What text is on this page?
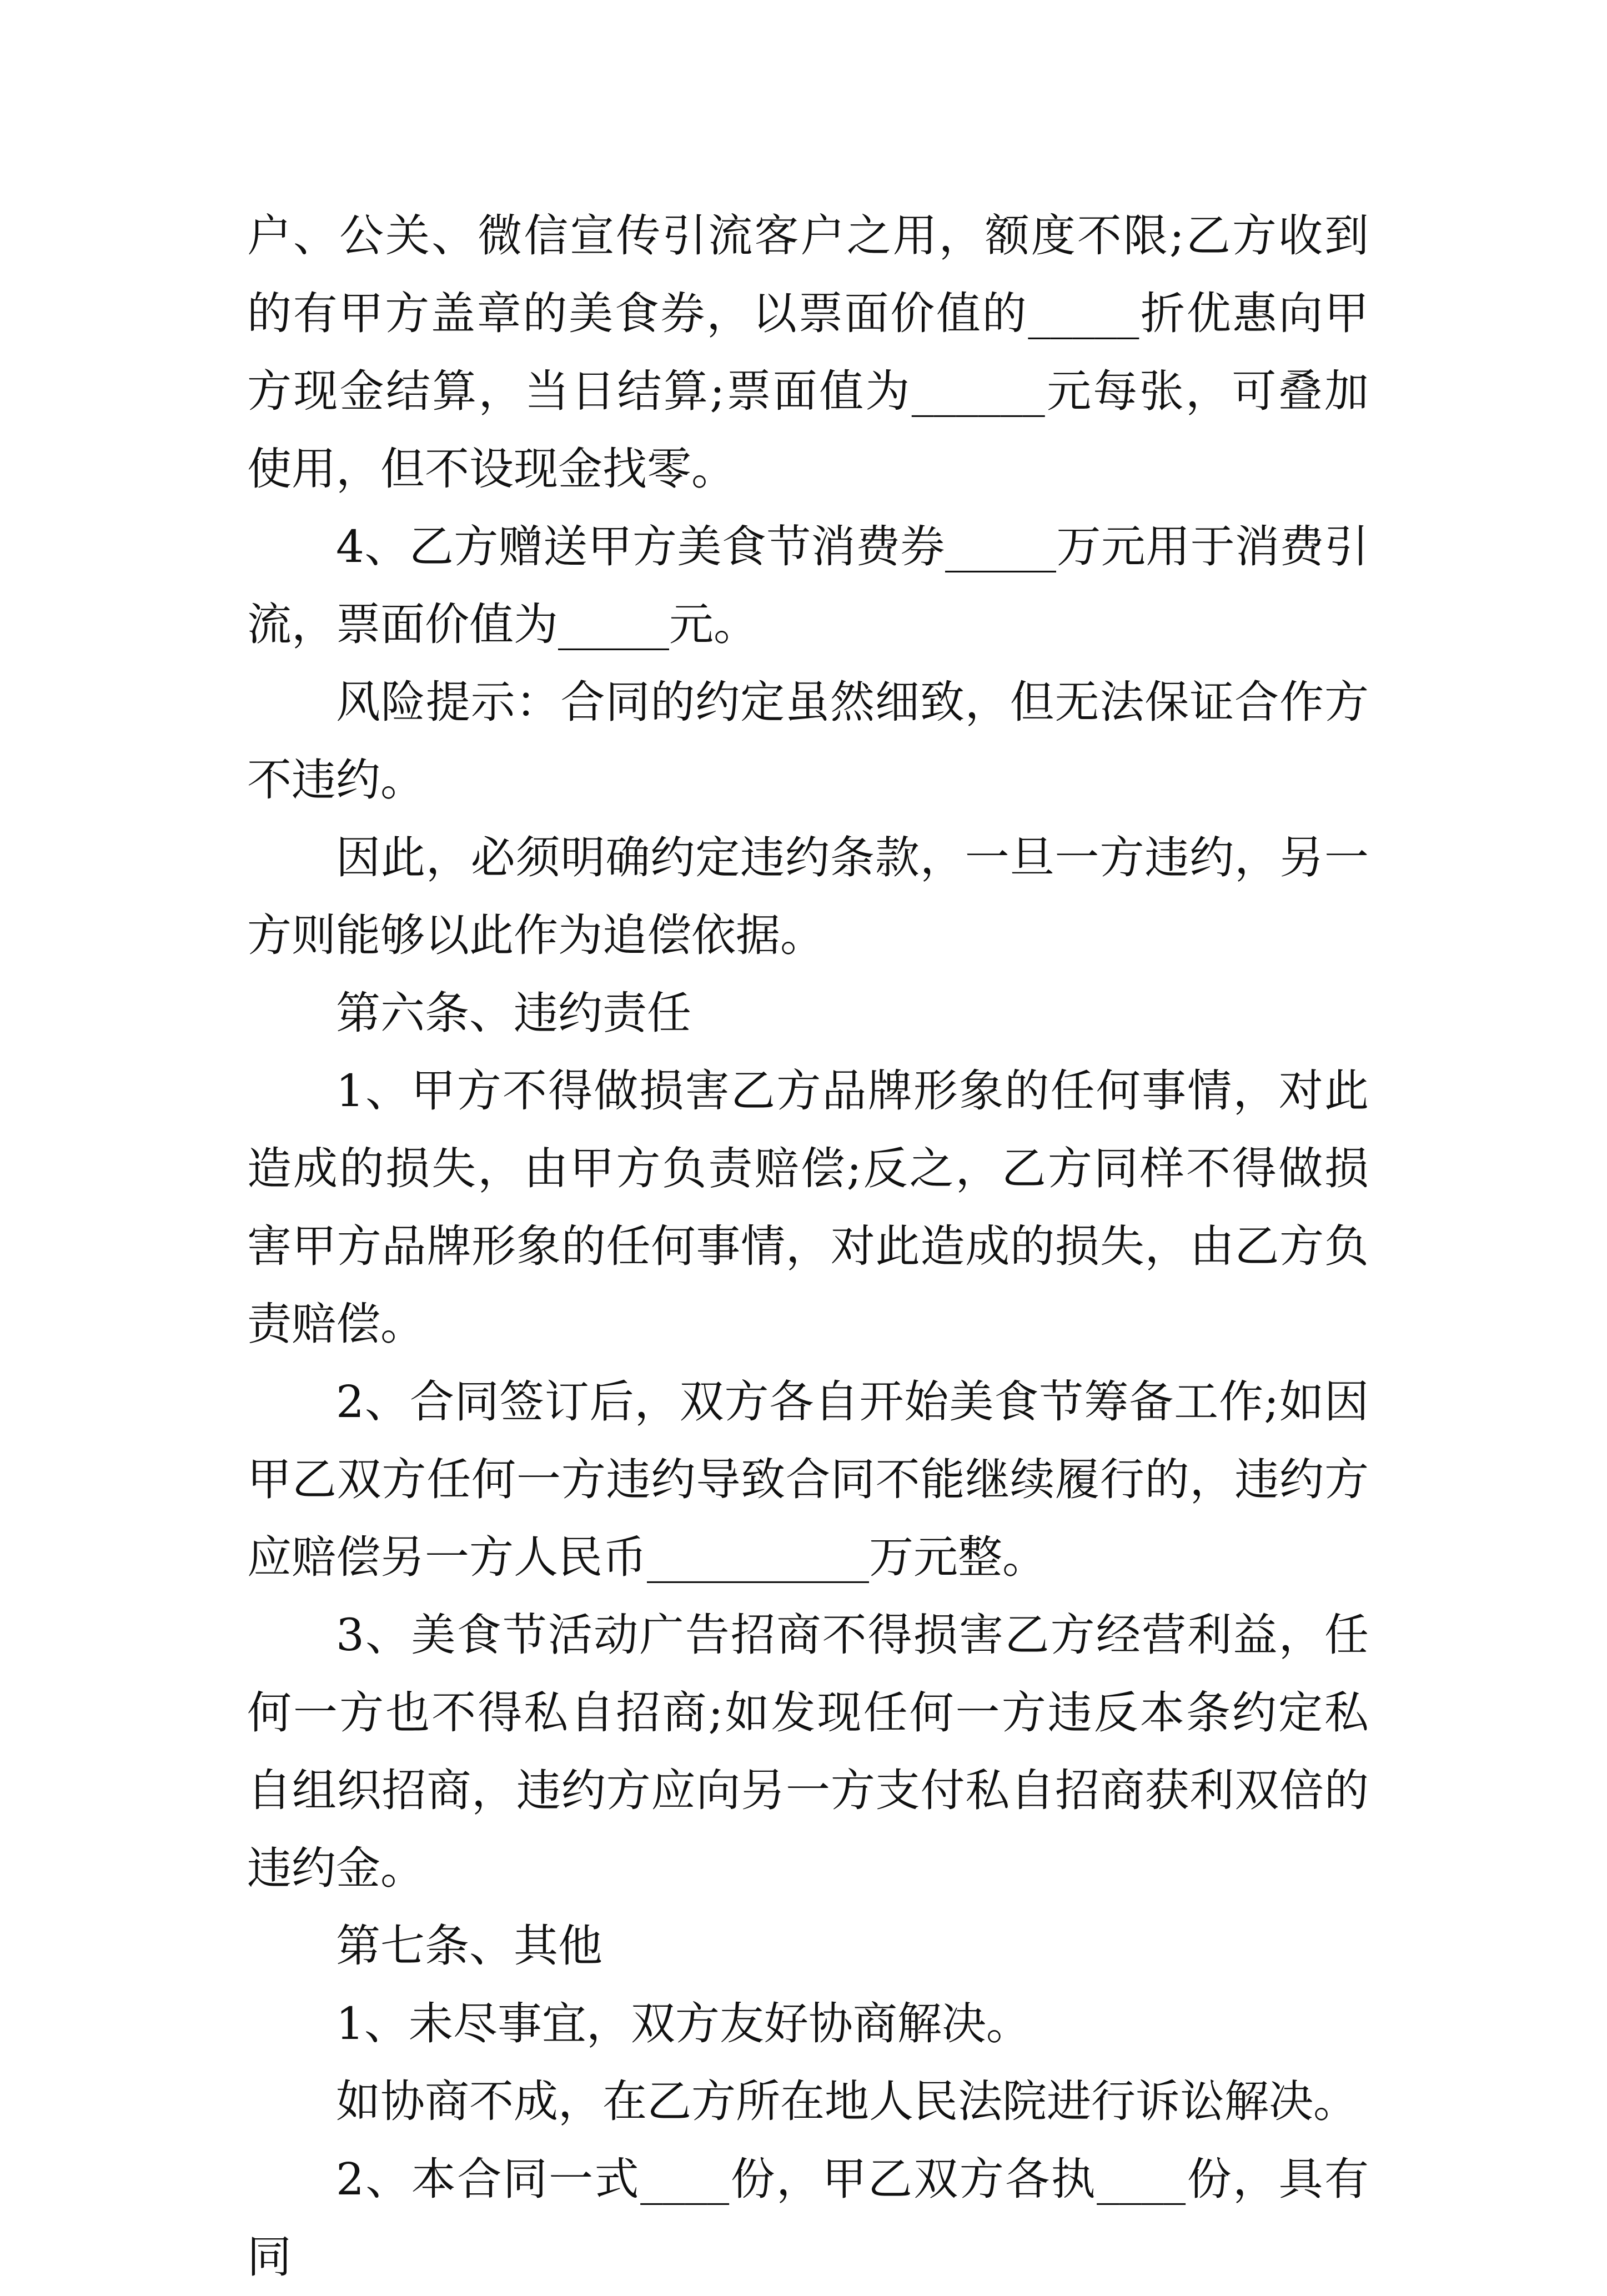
户、公关、微信宣传引流客户之用，额度不限;乙方收到的有甲方盖章的美食券，以票面价值的_____折优惠向甲方现金结算，当日结算;票面值为______元每张，可叠加使用，但不设现金找零。

4、乙方赠送甲方美食节消费券_____万元用于消费引流，票面价值为_____元。

风险提示：合同的约定虽然细致，但无法保证合作方不违约。

因此，必须明确约定违约条款，一旦一方违约，另一方则能够以此作为追偿依据。

第六条、违约责任

1、甲方不得做损害乙方品牌形象的任何事情，对此造成的损失，由甲方负责赔偿;反之，乙方同样不得做损害甲方品牌形象的任何事情，对此造成的损失，由乙方负责赔偿。

2、合同签订后，双方各自开始美食节筹备工作;如因甲乙双方任何一方违约导致合同不能继续履行的，违约方应赔偿另一方人民币__________万元整。

3、美食节活动广告招商不得损害乙方经营利益，任何一方也不得私自招商;如发现任何一方违反本条约定私自组织招商，违约方应向另一方支付私自招商获利双倍的违约金。

第七条、其他

1、未尽事宜，双方友好协商解决。

如协商不成，在乙方所在地人民法院进行诉讼解决。

2、本合同一式____份，甲乙双方各执____份，具有同
